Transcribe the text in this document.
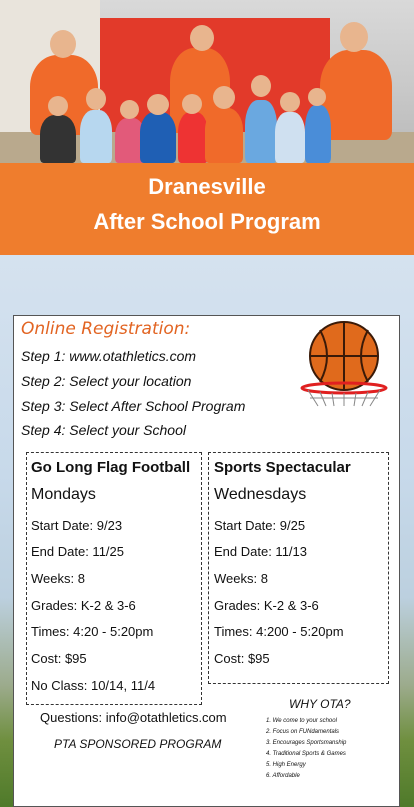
Dranesville
After School Program
Online Registration:
Step 1: www.otathletics.com
Step 2: Select your location
Step 3: Select After School Program
Step 4: Select your School
Go Long Flag Football
Mondays
Start Date: 9/23
End Date: 11/25
Weeks: 8
Grades: K-2 & 3-6
Times: 4:20 - 5:20pm
Cost: $95
No Class: 10/14, 11/4
Sports Spectacular
Wednesdays
Start Date: 9/25
End Date: 11/13
Weeks: 8
Grades: K-2 & 3-6
Times: 4:200 - 5:20pm
Cost: $95
Questions: info@otathletics.com
PTA SPONSORED PROGRAM
WHY OTA?
1. We come to your school
2. Focus on FUNdamentals
3. Encourages Sportsmanship
4. Traditional Sports & Games
5. High Energy
6. Affordable
